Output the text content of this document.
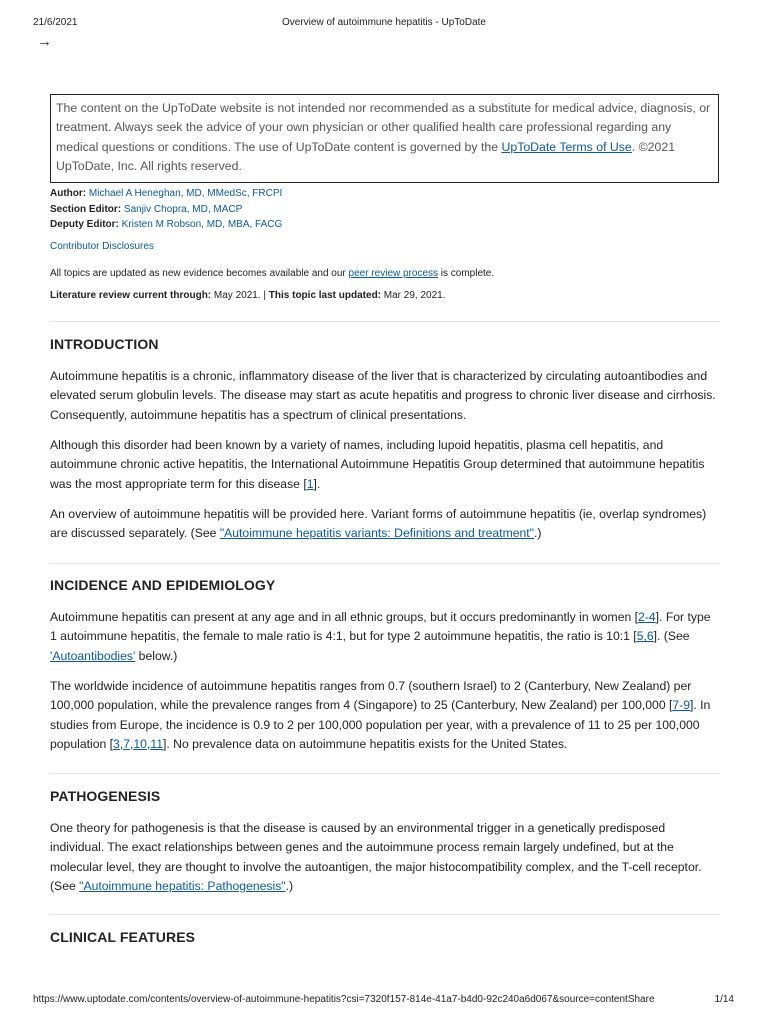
21/6/2021	Overview of autoimmune hepatitis - UpToDate
→
The content on the UpToDate website is not intended nor recommended as a substitute for medical advice, diagnosis, or treatment. Always seek the advice of your own physician or other qualified health care professional regarding any medical questions or conditions. The use of UpToDate content is governed by the UpToDate Terms of Use. ©2021 UpToDate, Inc. All rights reserved.
Author: Michael A Heneghan, MD, MMedSc, FRCPI
Section Editor: Sanjiv Chopra, MD, MACP
Deputy Editor: Kristen M Robson, MD, MBA, FACG
Contributor Disclosures
All topics are updated as new evidence becomes available and our peer review process is complete.
Literature review current through: May 2021. | This topic last updated: Mar 29, 2021.
INTRODUCTION
Autoimmune hepatitis is a chronic, inflammatory disease of the liver that is characterized by circulating autoantibodies and elevated serum globulin levels. The disease may start as acute hepatitis and progress to chronic liver disease and cirrhosis. Consequently, autoimmune hepatitis has a spectrum of clinical presentations.
Although this disorder had been known by a variety of names, including lupoid hepatitis, plasma cell hepatitis, and autoimmune chronic active hepatitis, the International Autoimmune Hepatitis Group determined that autoimmune hepatitis was the most appropriate term for this disease [1].
An overview of autoimmune hepatitis will be provided here. Variant forms of autoimmune hepatitis (ie, overlap syndromes) are discussed separately. (See "Autoimmune hepatitis variants: Definitions and treatment".)
INCIDENCE AND EPIDEMIOLOGY
Autoimmune hepatitis can present at any age and in all ethnic groups, but it occurs predominantly in women [2-4]. For type 1 autoimmune hepatitis, the female to male ratio is 4:1, but for type 2 autoimmune hepatitis, the ratio is 10:1 [5,6]. (See 'Autoantibodies' below.)
The worldwide incidence of autoimmune hepatitis ranges from 0.7 (southern Israel) to 2 (Canterbury, New Zealand) per 100,000 population, while the prevalence ranges from 4 (Singapore) to 25 (Canterbury, New Zealand) per 100,000 [7-9]. In studies from Europe, the incidence is 0.9 to 2 per 100,000 population per year, with a prevalence of 11 to 25 per 100,000 population [3,7,10,11]. No prevalence data on autoimmune hepatitis exists for the United States.
PATHOGENESIS
One theory for pathogenesis is that the disease is caused by an environmental trigger in a genetically predisposed individual. The exact relationships between genes and the autoimmune process remain largely undefined, but at the molecular level, they are thought to involve the autoantigen, the major histocompatibility complex, and the T-cell receptor. (See "Autoimmune hepatitis: Pathogenesis".)
CLINICAL FEATURES
https://www.uptodate.com/contents/overview-of-autoimmune-hepatitis?csi=7320f157-814e-41a7-b4d0-92c240a6d067&source=contentShare	1/14
